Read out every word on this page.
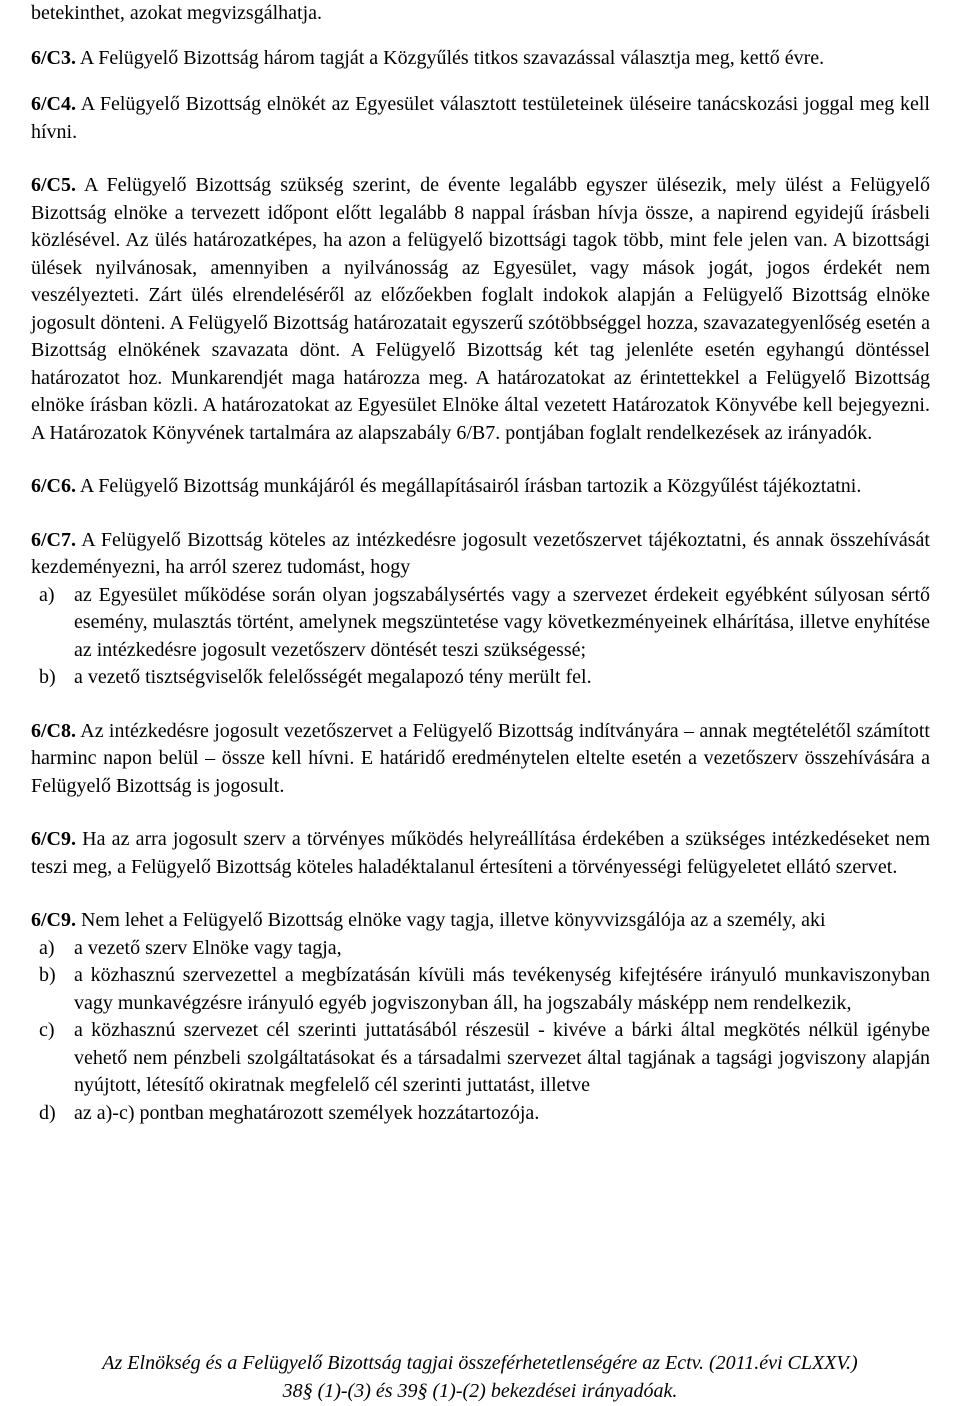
betekinthet, azokat megvizsgálhatja.

6/C3. A Felügyelő Bizottság három tagját a Közgyűlés titkos szavazással választja meg, kettő évre.

6/C4. A Felügyelő Bizottság elnökét az Egyesület választott testületeinek üléseire tanácskozási joggal meg kell hívni.

6/C5. A Felügyelő Bizottság szükség szerint, de évente legalább egyszer ülésezik, mely ülést a Felügyelő Bizottság elnöke a tervezett időpont előtt legalább 8 nappal írásban hívja össze, a napirend egyidejű írásbeli közlésével. Az ülés határozatképes, ha azon a felügyelő bizottsági tagok több, mint fele jelen van. A bizottsági ülések nyilvánosak, amennyiben a nyilvánosság az Egyesület, vagy mások jogát, jogos érdekét nem veszélyezteti. Zárt ülés elrendeléséről az előzőekben foglalt indokok alapján a Felügyelő Bizottság elnöke jogosult dönteni. A Felügyelő Bizottság határozatait egyszerű szótöbbséggel hozza, szavazategyenlőség esetén a Bizottság elnökének szavazata dönt. A Felügyelő Bizottság két tag jelenléte esetén egyhangú döntéssel határozatot hoz. Munkarendjét maga határozza meg. A határozatokat az érintettekkel a Felügyelő Bizottság elnöke írásban közli. A határozatokat az Egyesület Elnöke által vezetett Határozatok Könyvébe kell bejegyezni. A Határozatok Könyvének tartalmára az alapszabály 6/B7. pontjában foglalt rendelkezések az irányadók.

6/C6. A Felügyelő Bizottság munkájáról és megállapításairól írásban tartozik a Közgyűlést tájékoztatni.

6/C7. A Felügyelő Bizottság köteles az intézkedésre jogosult vezetőszervet tájékoztatni, és annak összehívását kezdeményezni, ha arról szerez tudomást, hogy

a) az Egyesület működése során olyan jogszabálysértés vagy a szervezet érdekeit egyébként súlyosan sértő esemény, mulasztás történt, amelynek megszüntetése vagy következményeinek elhárítása, illetve enyhítése az intézkedésre jogosult vezetőszerv döntését teszi szükségessé;
b) a vezető tisztségviselők felelősségét megalapozó tény merült fel.

6/C8. Az intézkedésre jogosult vezetőszervet a Felügyelő Bizottság indítványára – annak megtételétől számított harminc napon belül – össze kell hívni. E határidő eredménytelen eltelte esetén a vezetőszerv összehívására a Felügyelő Bizottság is jogosult.

6/C9. Ha az arra jogosult szerv a törvényes működés helyreállítása érdekében a szükséges intézkedéseket nem teszi meg, a Felügyelő Bizottság köteles haladéktalanul értesíteni a törvényességi felügyeletet ellátó szervet.

6/C9. Nem lehet a Felügyelő Bizottság elnöke vagy tagja, illetve könyvvizsgálója az a személy, aki

a) a vezető szerv Elnöke vagy tagja,
b) a közhasznú szervezettel a megbízatásán kívüli más tevékenység kifejtésére irányuló munkaviszonyban vagy munkavégzésre irányuló egyéb jogviszonyban áll, ha jogszabály másképp nem rendelkezik,
c) a közhasznú szervezet cél szerinti juttatásából részesül - kivéve a bárki által megkötés nélkül igénybe vehető nem pénzbeli szolgáltatásokat és a társadalmi szervezet által tagjának a tagsági jogviszony alapján nyújtott, létesítő okiratnak megfelelő cél szerinti juttatást, illetve
d) az a)-c) pontban meghatározott személyek hozzátartozója.
Az Elnökség és a Felügyelő Bizottság tagjai összeférhetetlenségére az Ectv. (2011.évi CLXXV.)
38§ (1)-(3) és 39§ (1)-(2) bekezdései irányadóak.
